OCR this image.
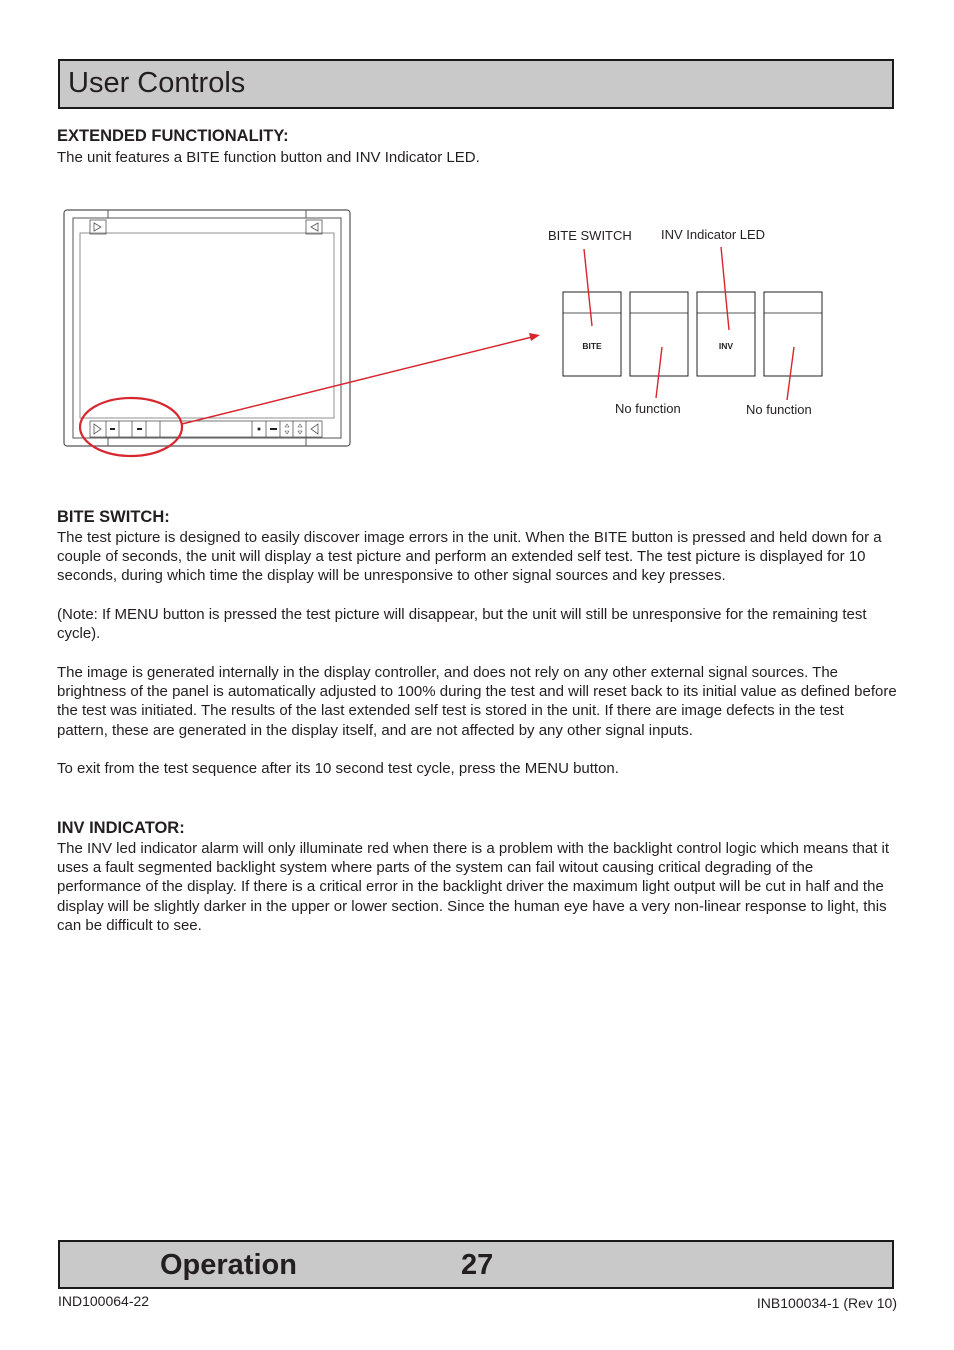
User Controls
EXTENDED FUNCTIONALITY:
The unit features a BITE function button and INV Indicator LED.
BITE	INV
BITE SWITCH INV Indicator LED
No function	No function
BITE SWITCH:
The test picture is designed to easily discover image errors in the unit. When the BITE button is pressed and held down for a couple of seconds, the unit will display a test picture and perform an extended self test. The test picture is displayed for 10 seconds, during which time the display will be unresponsive to other signal sources and key presses.
(Note: If MENU button is pressed the test picture will disappear, but the unit will still be unresponsive for the remaining test cycle).
The image is generated internally in the display controller, and does not rely on any other external signal sources. The brightness of the panel is automatically adjusted to 100% during the test and will reset back to its initial value as defined before the test was initiated. The results of the last extended self test is stored in the unit. If there are image defects in the test pattern, these are generated in the display itself, and are not affected by any other signal inputs.
To exit from the test sequence after its 10 second test cycle, press the MENU button.
INV INDICATOR:
The INV led indicator alarm will only illuminate red when there is a problem with the backlight control logic which means that it uses a fault segmented backlight system where parts of the system can fail witout causing critical degrading of the performance of the display. If there is a critical error in the backlight driver the maximum light output will be cut in half and the display will be slightly darker in the upper or lower section. Since the human eye have a very non-linear response to light, this can be difficult to see.
Operation	27
IND100064-22	INB100034-1 (Rev 10)
